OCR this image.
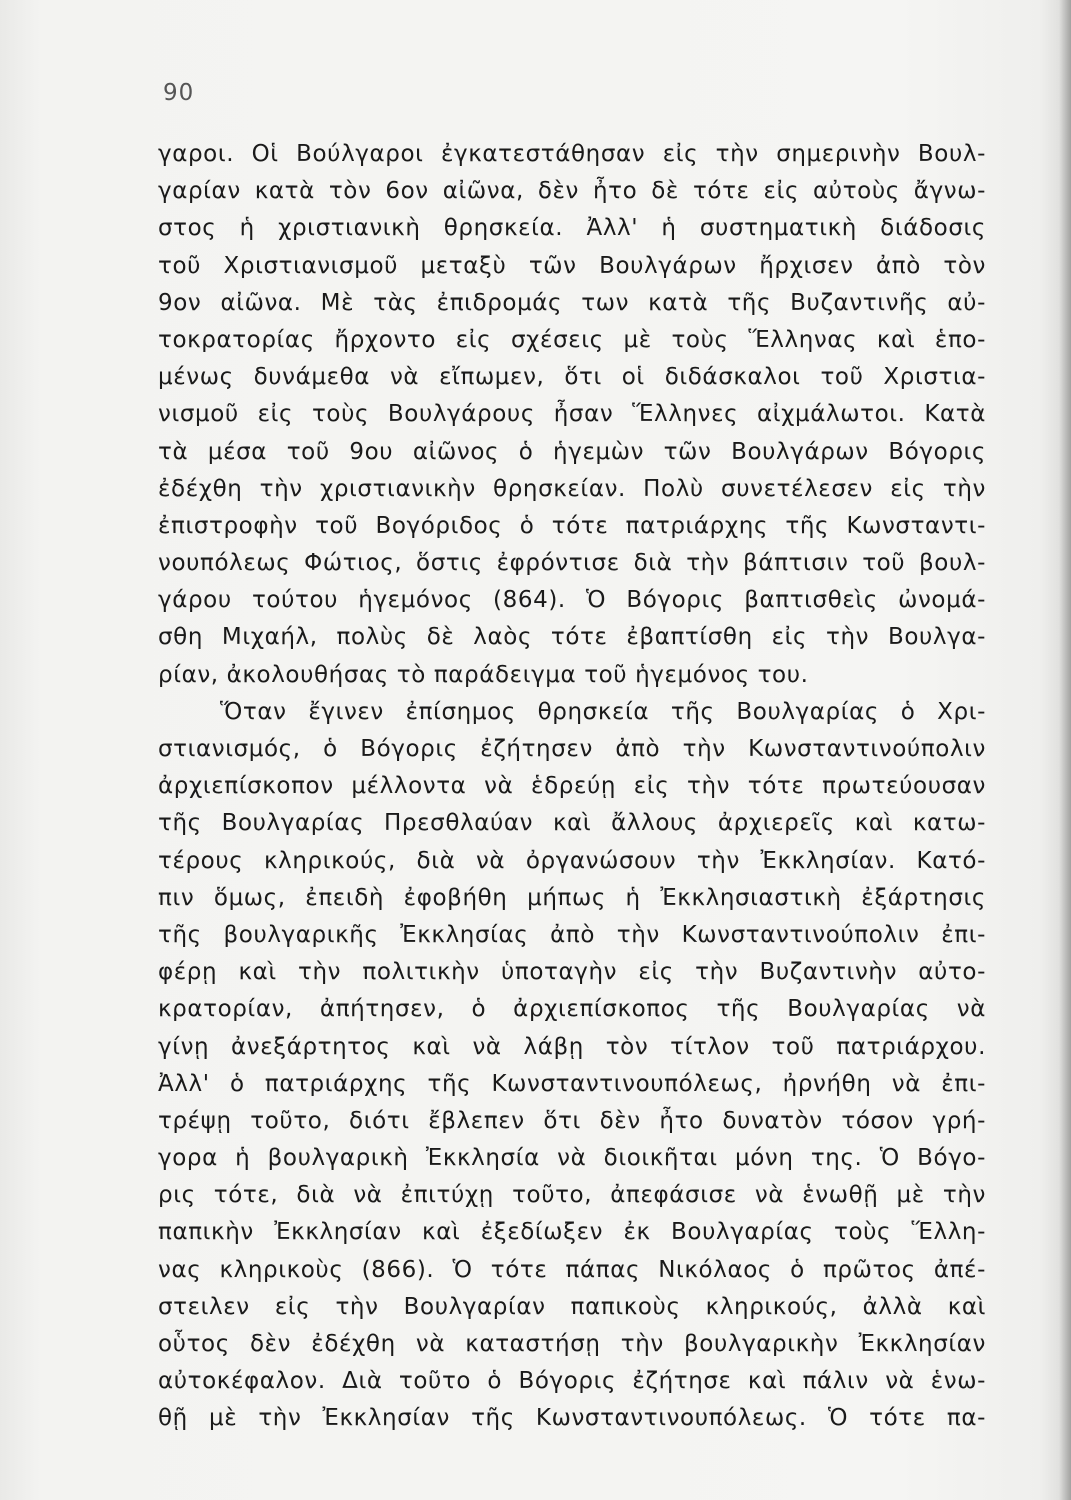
90
γαροι. Οἱ Βούλγαροι ἐγκατεστάθησαν εἰς τὴν σημερινὴν Βουλ-
γαρίαν κατὰ τὸν 6ον αἰῶνα, δὲν ἦτο δὲ τότε εἰς αὐτοὺς ἄγνω-
στος ἡ χριστιανικὴ θρησκεία. Ἀλλ' ἡ συστηματικὴ διάδοσις
τοῦ Χριστιανισμοῦ μεταξὺ τῶν Βουλγάρων ἤρχισεν ἀπὸ τὸν
9ον αἰῶνα. Μὲ τὰς ἐπιδρομάς των κατὰ τῆς Βυζαντινῆς αὐ-
τοκρατορίας ἤρχοντο εἰς σχέσεις μὲ τοὺς Ἕλληνας καὶ ἑπο-
μένως δυνάμεθα νὰ εἴπωμεν, ὅτι οἱ διδάσκαλοι τοῦ Χριστια-
νισμοῦ εἰς τοὺς Βουλγάρους ἦσαν Ἕλληνες αἰχμάλωτοι. Κατὰ
τὰ μέσα τοῦ 9ου αἰῶνος ὁ ἡγεμὼν τῶν Βουλγάρων Βόγορις
ἐδέχθη τὴν χριστιανικὴν θρησκείαν. Πολὺ συνετέλεσεν εἰς τὴν
ἐπιστροφὴν τοῦ Βογόριδος ὁ τότε πατριάρχης τῆς Κωνσταντι-
νουπόλεως Φώτιος, ὅστις ἐφρόντισε διὰ τὴν βάπτισιν τοῦ βουλ-
γάρου τούτου ἡγεμόνος (864). Ὁ Βόγορις βαπτισθεὶς ὠνομά-
σθη Μιχαήλ, πολὺς δὲ λαὸς τότε ἐβαπτίσθη εἰς τὴν Βουλγα-
ρίαν, ἀκολουθήσας τὸ παράδειγμα τοῦ ἡγεμόνος του.
Ὅταν ἔγινεν ἐπίσημος θρησκεία τῆς Βουλγαρίας ὁ Χρι-
στιανισμός, ὁ Βόγορις ἐζήτησεν ἀπὸ τὴν Κωνσταντινούπολιν
ἀρχιεπίσκοπον μέλλοντα νὰ ἑδρεύῃ εἰς τὴν τότε πρωτεύουσαν
τῆς Βουλγαρίας Πρεσθλαύαν καὶ ἄλλους ἀρχιερεῖς καὶ κατω-
τέρους κληρικούς, διὰ νὰ ὀργανώσουν τὴν Ἐκκλησίαν. Κατό-
πιν ὅμως, ἐπειδὴ ἐφοβήθη μήπως ἡ Ἐκκλησιαστικὴ ἐξάρτησις
τῆς βουλγαρικῆς Ἐκκλησίας ἀπὸ τὴν Κωνσταντινούπολιν ἐπι-
φέρῃ καὶ τὴν πολιτικὴν ὑποταγὴν εἰς τὴν Βυζαντινὴν αὐτο-
κρατορίαν, ἀπήτησεν, ὁ ἀρχιεπίσκοπος τῆς Βουλγαρίας νὰ
γίνῃ ἀνεξάρτητος καὶ νὰ λάβῃ τὸν τίτλον τοῦ πατριάρχου.
Ἀλλ' ὁ πατριάρχης τῆς Κωνσταντινουπόλεως, ἠρνήθη νὰ ἐπι-
τρέψῃ τοῦτο, διότι ἔβλεπεν ὅτι δὲν ἦτο δυνατὸν τόσον γρή-
γορα ἡ βουλγαρικὴ Ἐκκλησία νὰ διοικῆται μόνη της. Ὁ Βόγο-
ρις τότε, διὰ νὰ ἐπιτύχῃ τοῦτο, ἀπεφάσισε νὰ ἑνωθῇ μὲ τὴν
παπικὴν Ἐκκλησίαν καὶ ἐξεδίωξεν ἐκ Βουλγαρίας τοὺς Ἕλλη-
νας κληρικοὺς (866). Ὁ τότε πάπας Νικόλαος ὁ πρῶτος ἀπέ-
στειλεν εἰς τὴν Βουλγαρίαν παπικοὺς κληρικούς, ἀλλὰ καὶ
οὗτος δὲν ἐδέχθη νὰ καταστήσῃ τὴν βουλγαρικὴν Ἐκκλησίαν
αὐτοκέφαλον. Διὰ τοῦτο ὁ Βόγορις ἐζήτησε καὶ πάλιν νὰ ἑνω-
θῇ μὲ τὴν Ἐκκλησίαν τῆς Κωνσταντινουπόλεως. Ὁ τότε πα-
